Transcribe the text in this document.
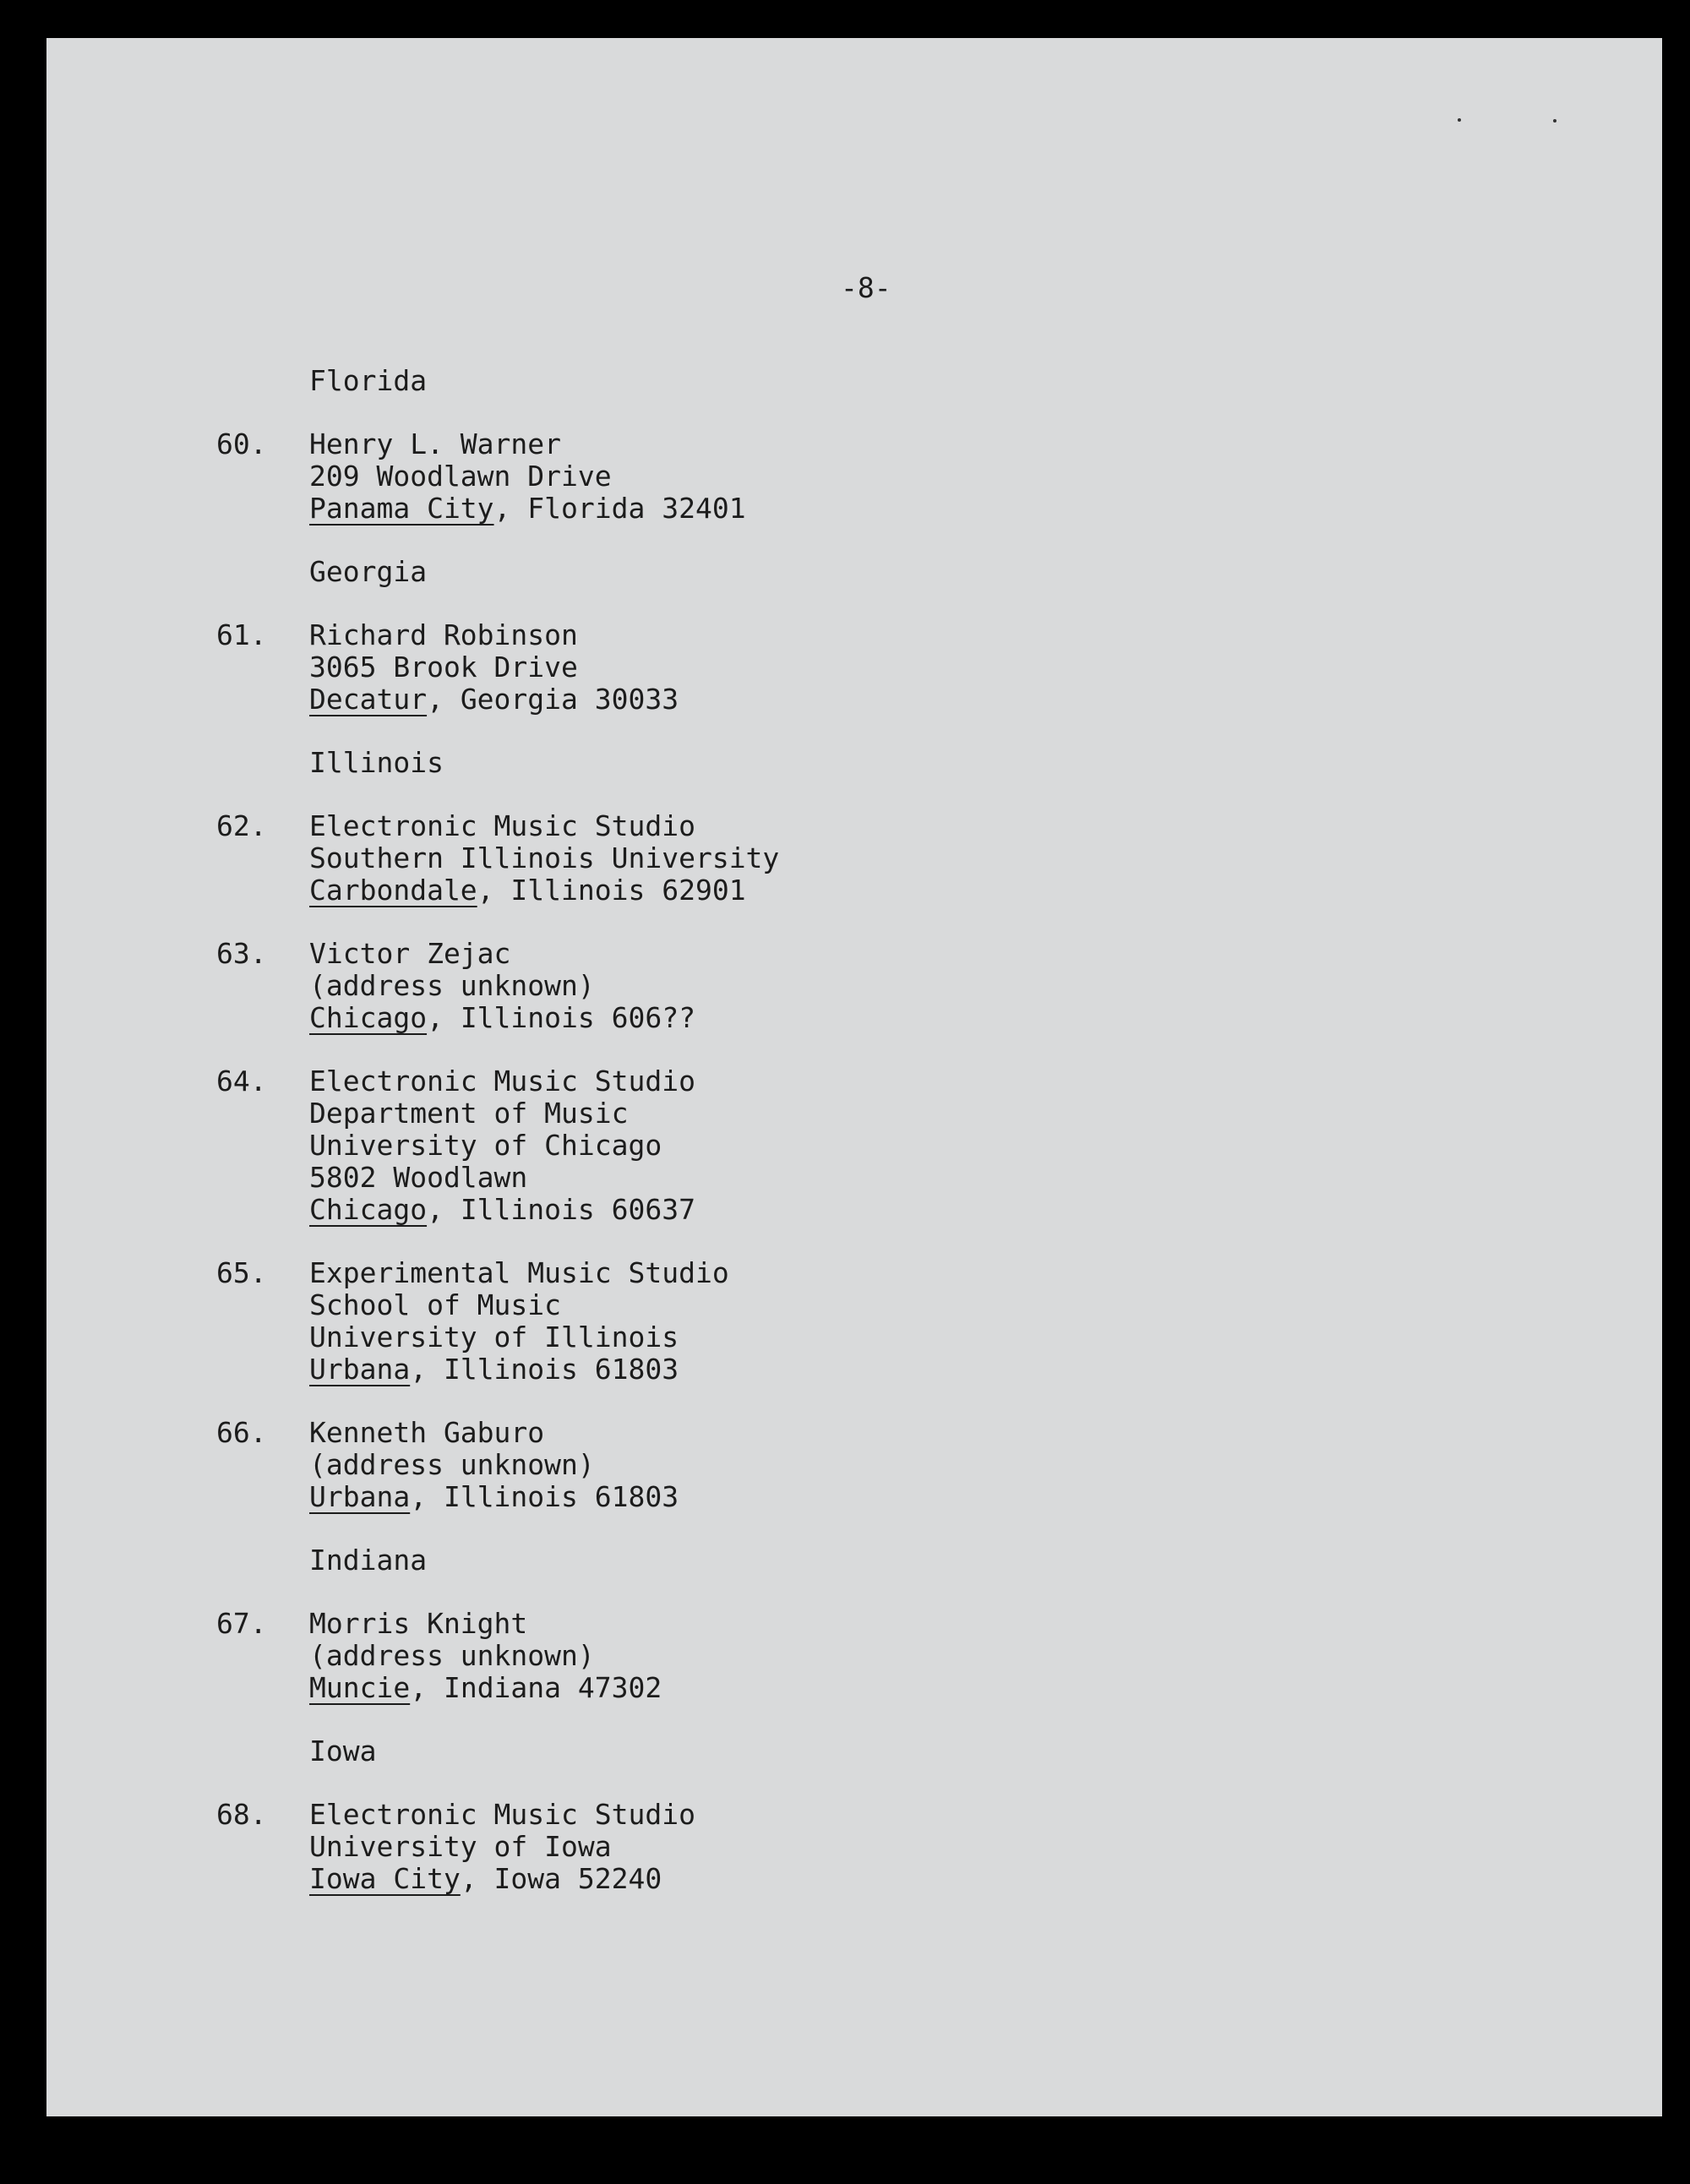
-8-
Florida
60. Henry L. Warner
209 Woodlawn Drive
Panama City, Florida 32401
Georgia
61. Richard Robinson
3065 Brook Drive
Decatur, Georgia 30033
Illinois
62. Electronic Music Studio
Southern Illinois University
Carbondale, Illinois 62901
63. Victor Zejac
(address unknown)
Chicago, Illinois 606??
64. Electronic Music Studio
Department of Music
University of Chicago
5802 Woodlawn
Chicago, Illinois 60637
65. Experimental Music Studio
School of Music
University of Illinois
Urbana, Illinois 61803
66. Kenneth Gaburo
(address unknown)
Urbana, Illinois 61803
Indiana
67. Morris Knight
(address unknown)
Muncie, Indiana 47302
Iowa
68. Electronic Music Studio
University of Iowa
Iowa City, Iowa 52240
